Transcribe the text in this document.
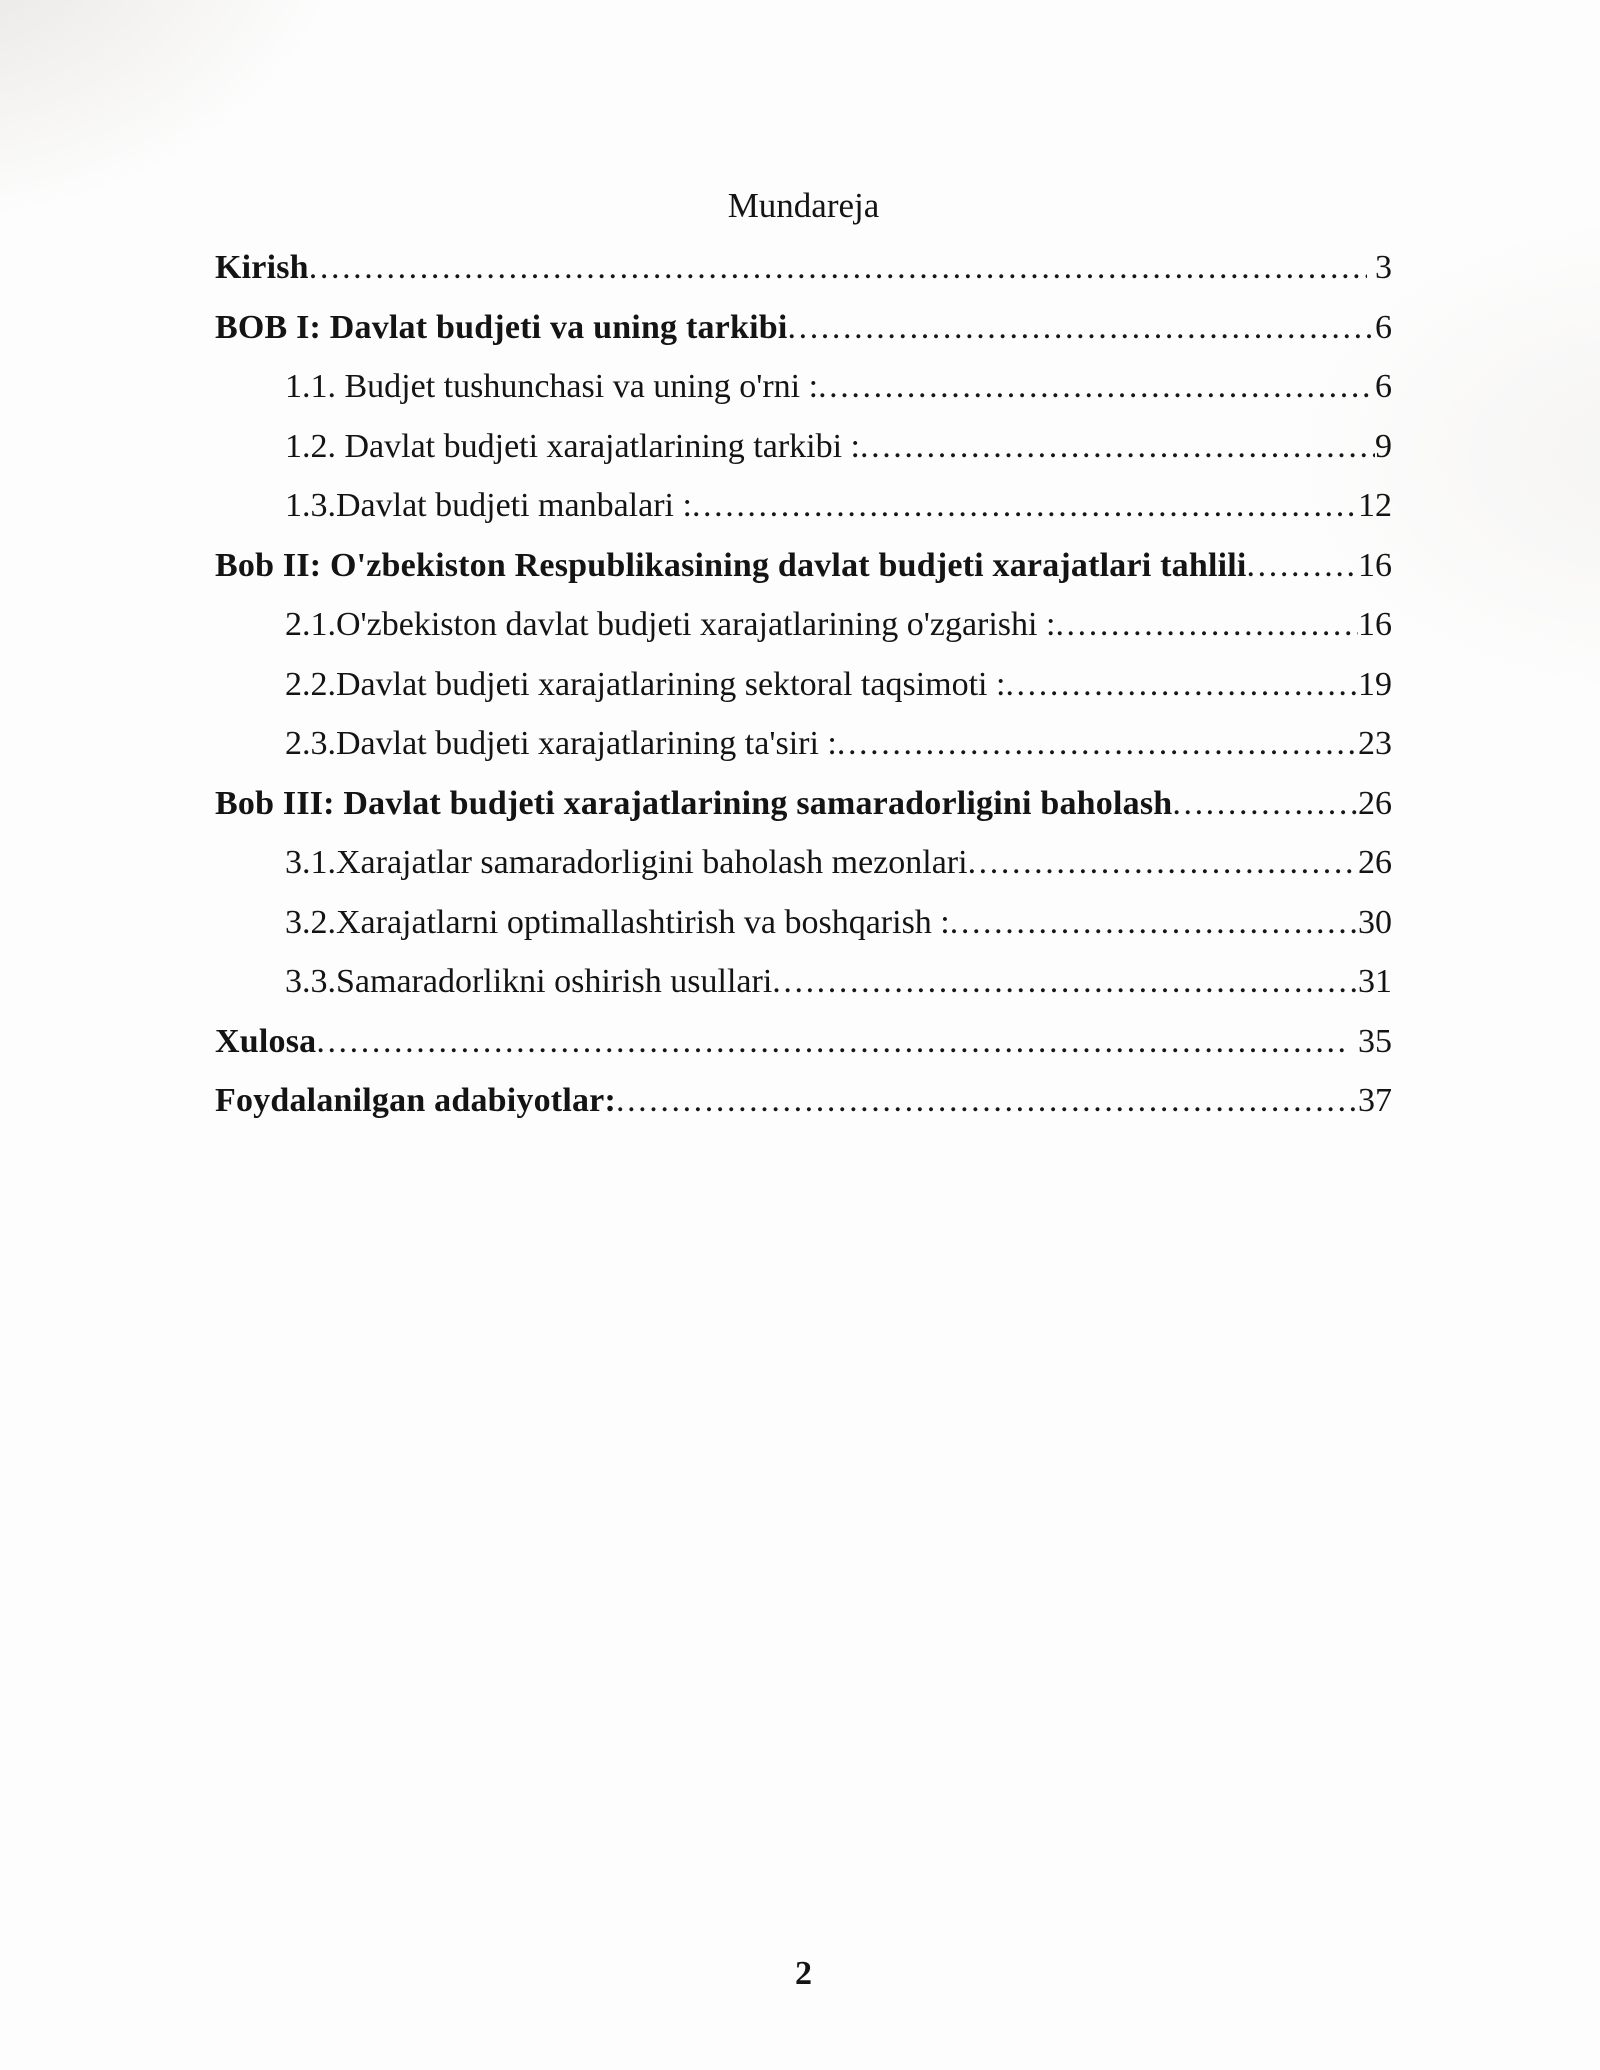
Mundareja
Kirish .....	3
BOB I: Davlat budjeti va uning tarkibi .....	6
1.1. Budjet tushunchasi va uning o'rni : .....	6
1.2. Davlat budjeti xarajatlarining tarkibi : .....	9
1.3.Davlat budjeti manbalari : .....	12
Bob II: O'zbekiston Respublikasining davlat budjeti xarajatlari tahlili .....	16
2.1.O'zbekiston davlat budjeti xarajatlarining o'zgarishi : .....	16
2.2.Davlat budjeti xarajatlarining sektoral taqsimoti : .....	19
2.3.Davlat budjeti xarajatlarining ta'siri : .....	23
Bob III: Davlat budjeti xarajatlarining samaradorligini baholash .....	26
3.1.Xarajatlar samaradorligini baholash mezonlari .....	26
3.2.Xarajatlarni optimallashtirish va boshqarish : .....	30
3.3.Samaradorlikni oshirish usullari .....	31
Xulosa .....	35
Foydalanilgan adabiyotlar: .....	37
2
